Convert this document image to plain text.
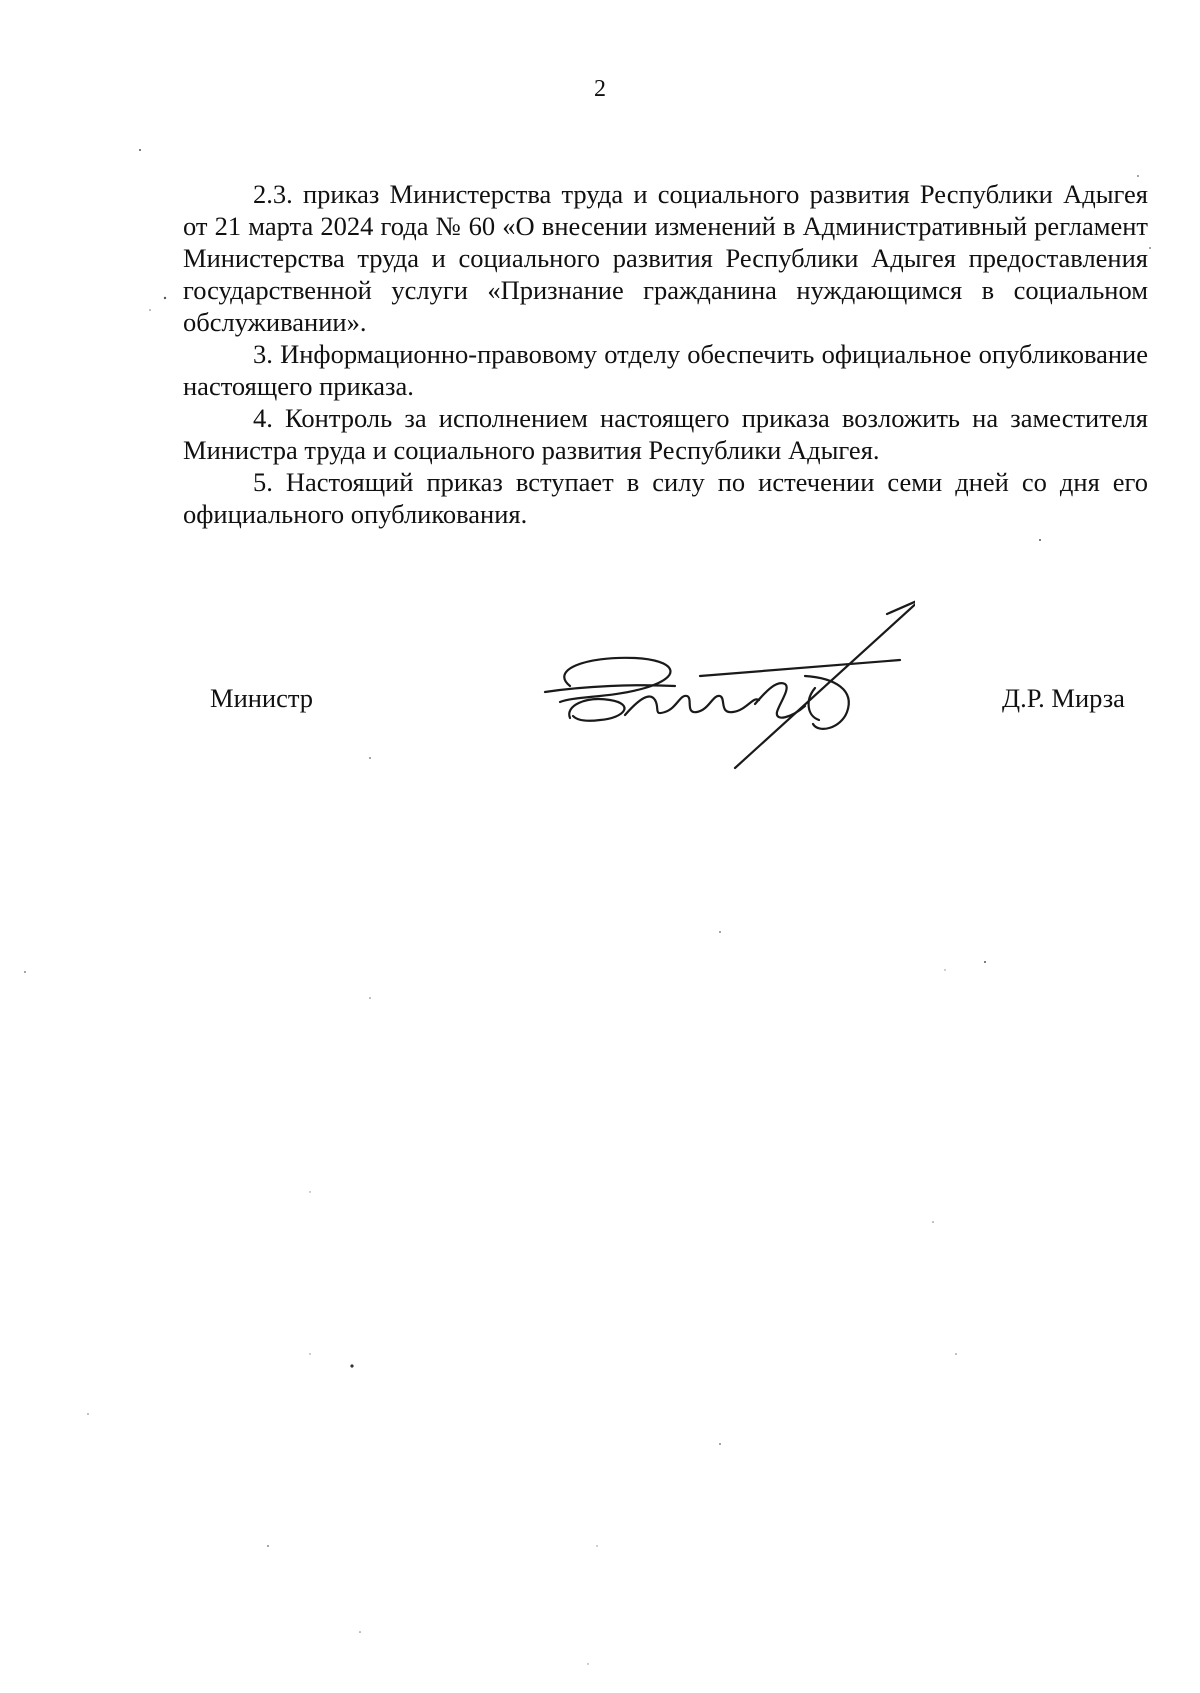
2

2.3. приказ Министерства труда и социального развития Республики Адыгея от 21 марта 2024 года № 60 «О внесении изменений в Административный регламент Министерства труда и социального развития Республики Адыгея предоставления государственной услуги «Признание гражданина нуждающимся в социальном обслуживании».

3. Информационно-правовому отделу обеспечить официальное опубликование настоящего приказа.

4. Контроль за исполнением настоящего приказа возложить на заместителя Министра труда и социального развития Республики Адыгея.

5. Настоящий приказ вступает в силу по истечении семи дней со дня его официального опубликования.

Министр	Д.Р. Мирза
